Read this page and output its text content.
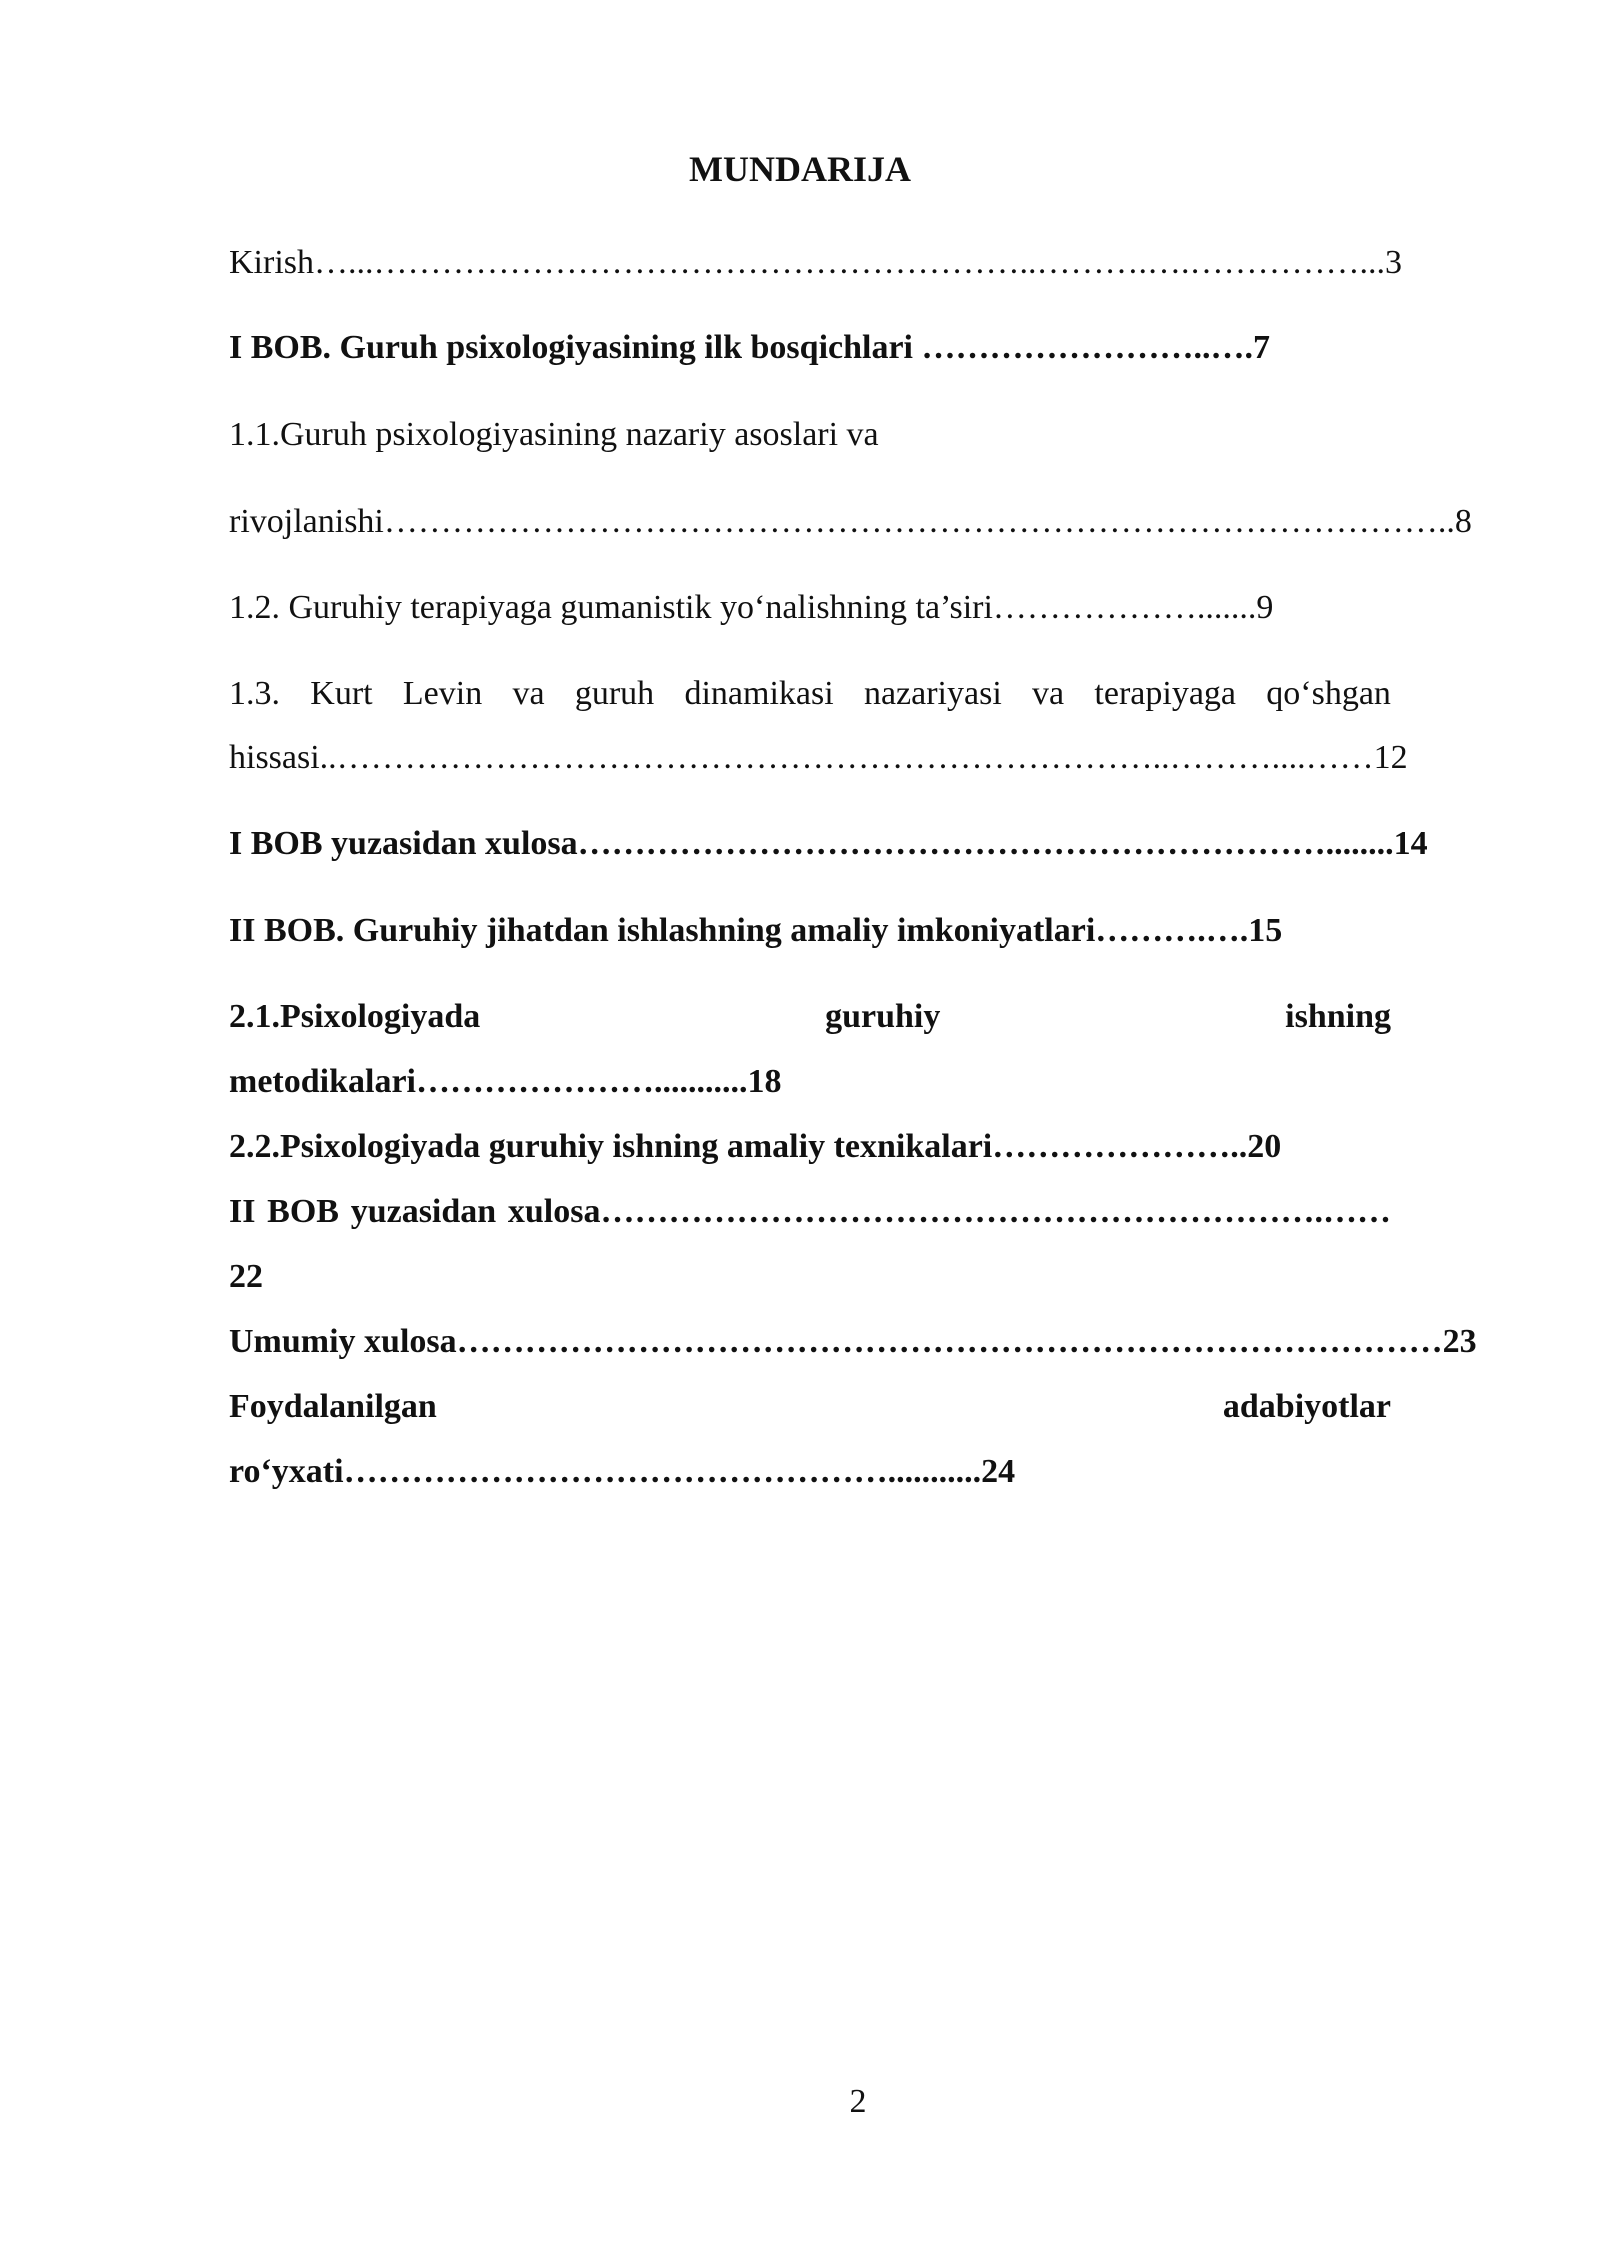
MUNDARIJA
Kirish…...…………………………………………………..……….….……………...3
I BOB. Guruh psixologiyasining ilk bosqichlari ……………………..….7
1.1.Guruh psixologiyasining nazariy asoslari va
rivojlanishi…………………………………………………………………………………..8
1.2. Guruhiy terapiyaga gumanistik yo‘nalishning ta’siri……………….......9
1.3. Kurt Levin va guruh dinamikasi nazariyasi va terapiyaga qo‘shgan
hissasi..………………………………………………………………..………....……12
I BOB yuzasidan xulosa…………………………………………………………........14
II BOB. Guruhiy jihatdan ishlashning amaliy imkoniyatlari……….….15
2.1.Psixologiyada	guruhiy	ishning
metodikalari…………………...........18
2.2.Psixologiyada guruhiy ishning amaliy texnikalari…………………..20
II BOB yuzasidan xulosa……………………………………………………….……
22
Umumiy xulosa……………………………………………………………………………23
Foydalanilgan	adabiyotlar
ro‘yxati…………………………………………...........24
2
